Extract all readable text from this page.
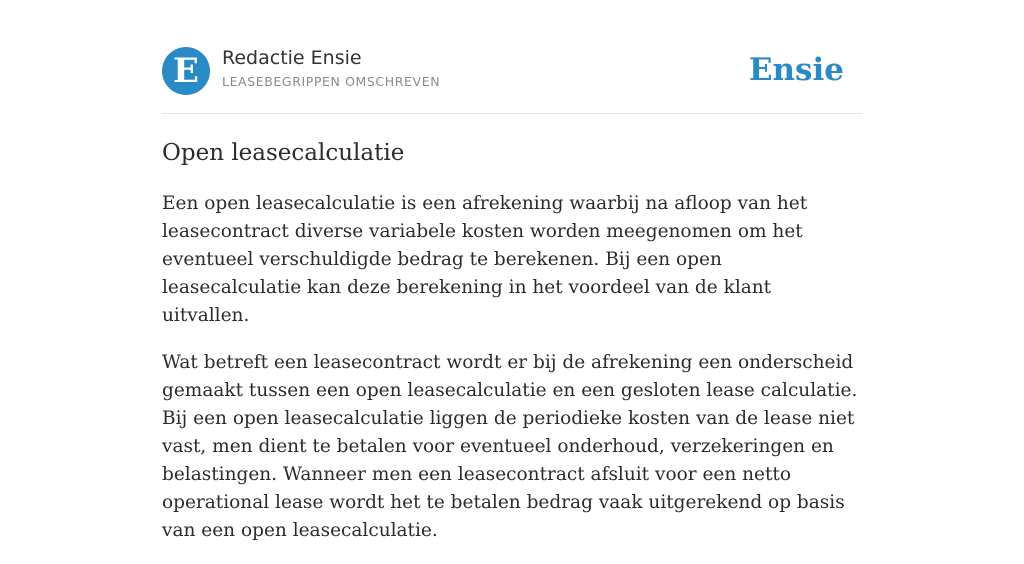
E	Redactie Ensie
LEASEBEGRIPPEN OMSCHREVEN	Ensie
Open leasecalculatie

Een open leasecalculatie is een afrekening waarbij na afloop van het leasecontract diverse variabele kosten worden meegenomen om het eventueel verschuldigde bedrag te berekenen. Bij een open leasecalculatie kan deze berekening in het voordeel van de klant uitvallen.

Wat betreft een leasecontract wordt er bij de afrekening een onderscheid gemaakt tussen een open leasecalculatie en een gesloten lease calculatie. Bij een open leasecalculatie liggen de periodieke kosten van de lease niet vast, men dient te betalen voor eventueel onderhoud, verzekeringen en belastingen. Wanneer men een leasecontract afsluit voor een netto operational lease wordt het te betalen bedrag vaak uitgerekend op basis van een open leasecalculatie.
